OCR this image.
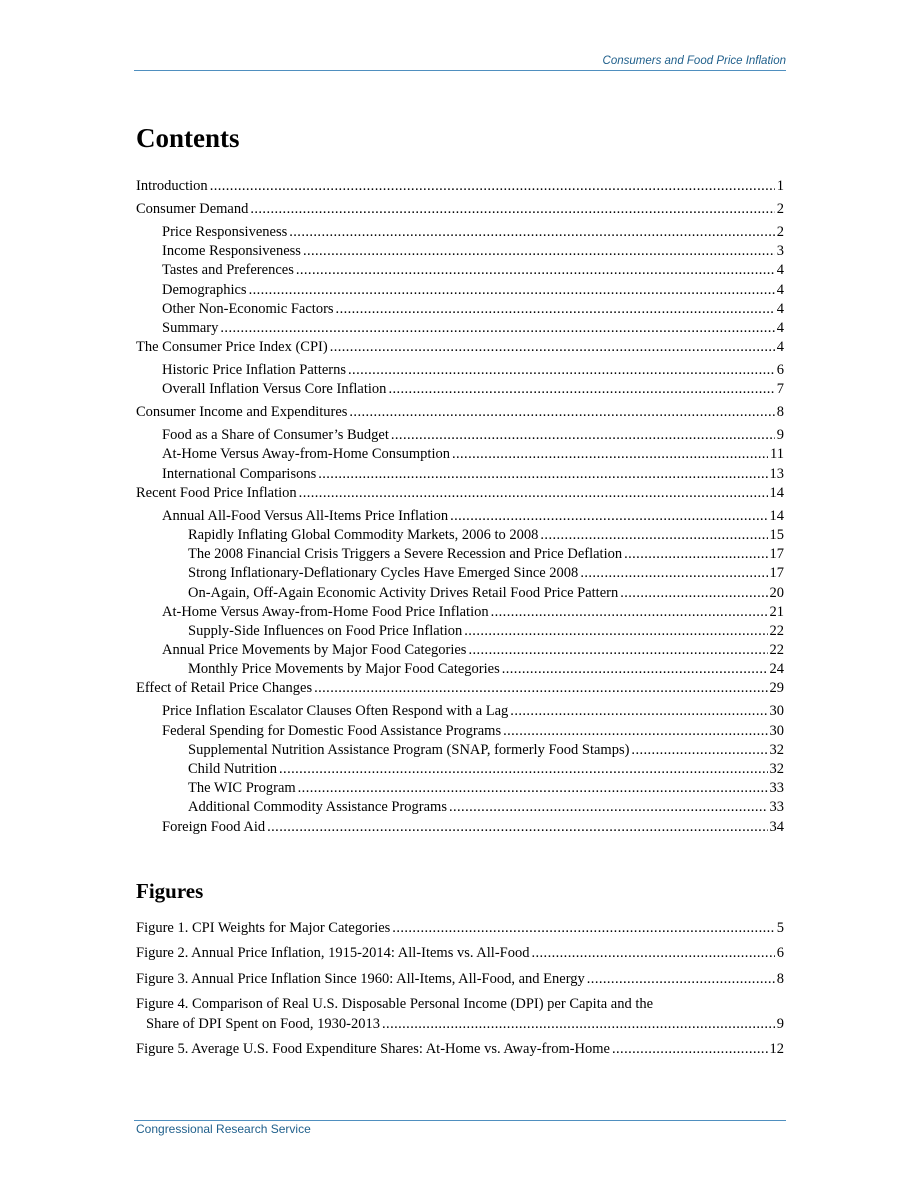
Consumers and Food Price Inflation
Contents
Introduction .....	1
Consumer Demand .....	2
Price Responsiveness .....	2
Income Responsiveness .....	3
Tastes and Preferences .....	4
Demographics .....	4
Other Non-Economic Factors .....	4
Summary .....	4
The Consumer Price Index (CPI) .....	4
Historic Price Inflation Patterns .....	6
Overall Inflation Versus Core Inflation .....	7
Consumer Income and Expenditures .....	8
Food as a Share of Consumer’s Budget .....	9
At-Home Versus Away-from-Home Consumption .....	11
International Comparisons .....	13
Recent Food Price Inflation .....	14
Annual All-Food Versus All-Items Price Inflation .....	14
Rapidly Inflating Global Commodity Markets, 2006 to 2008 .....	15
The 2008 Financial Crisis Triggers a Severe Recession and Price Deflation .....	17
Strong Inflationary-Deflationary Cycles Have Emerged Since 2008 .....	17
On-Again, Off-Again Economic Activity Drives Retail Food Price Pattern .....	20
At-Home Versus Away-from-Home Food Price Inflation .....	21
Supply-Side Influences on Food Price Inflation .....	22
Annual Price Movements by Major Food Categories .....	22
Monthly Price Movements by Major Food Categories .....	24
Effect of Retail Price Changes .....	29
Price Inflation Escalator Clauses Often Respond with a Lag .....	30
Federal Spending for Domestic Food Assistance Programs .....	30
Supplemental Nutrition Assistance Program (SNAP, formerly Food Stamps) .....	32
Child Nutrition .....	32
The WIC Program .....	33
Additional Commodity Assistance Programs .....	33
Foreign Food Aid .....	34
Figures
Figure 1. CPI Weights for Major Categories .....	5
Figure 2. Annual Price Inflation, 1915-2014: All-Items vs. All-Food .....	6
Figure 3. Annual Price Inflation Since 1960: All-Items, All-Food, and Energy .....	8
Figure 4. Comparison of Real U.S. Disposable Personal Income (DPI) per Capita and the
Share of DPI Spent on Food, 1930-2013 .....	9
Figure 5. Average U.S. Food Expenditure Shares: At-Home vs. Away-from-Home .....	12
Congressional Research Service
